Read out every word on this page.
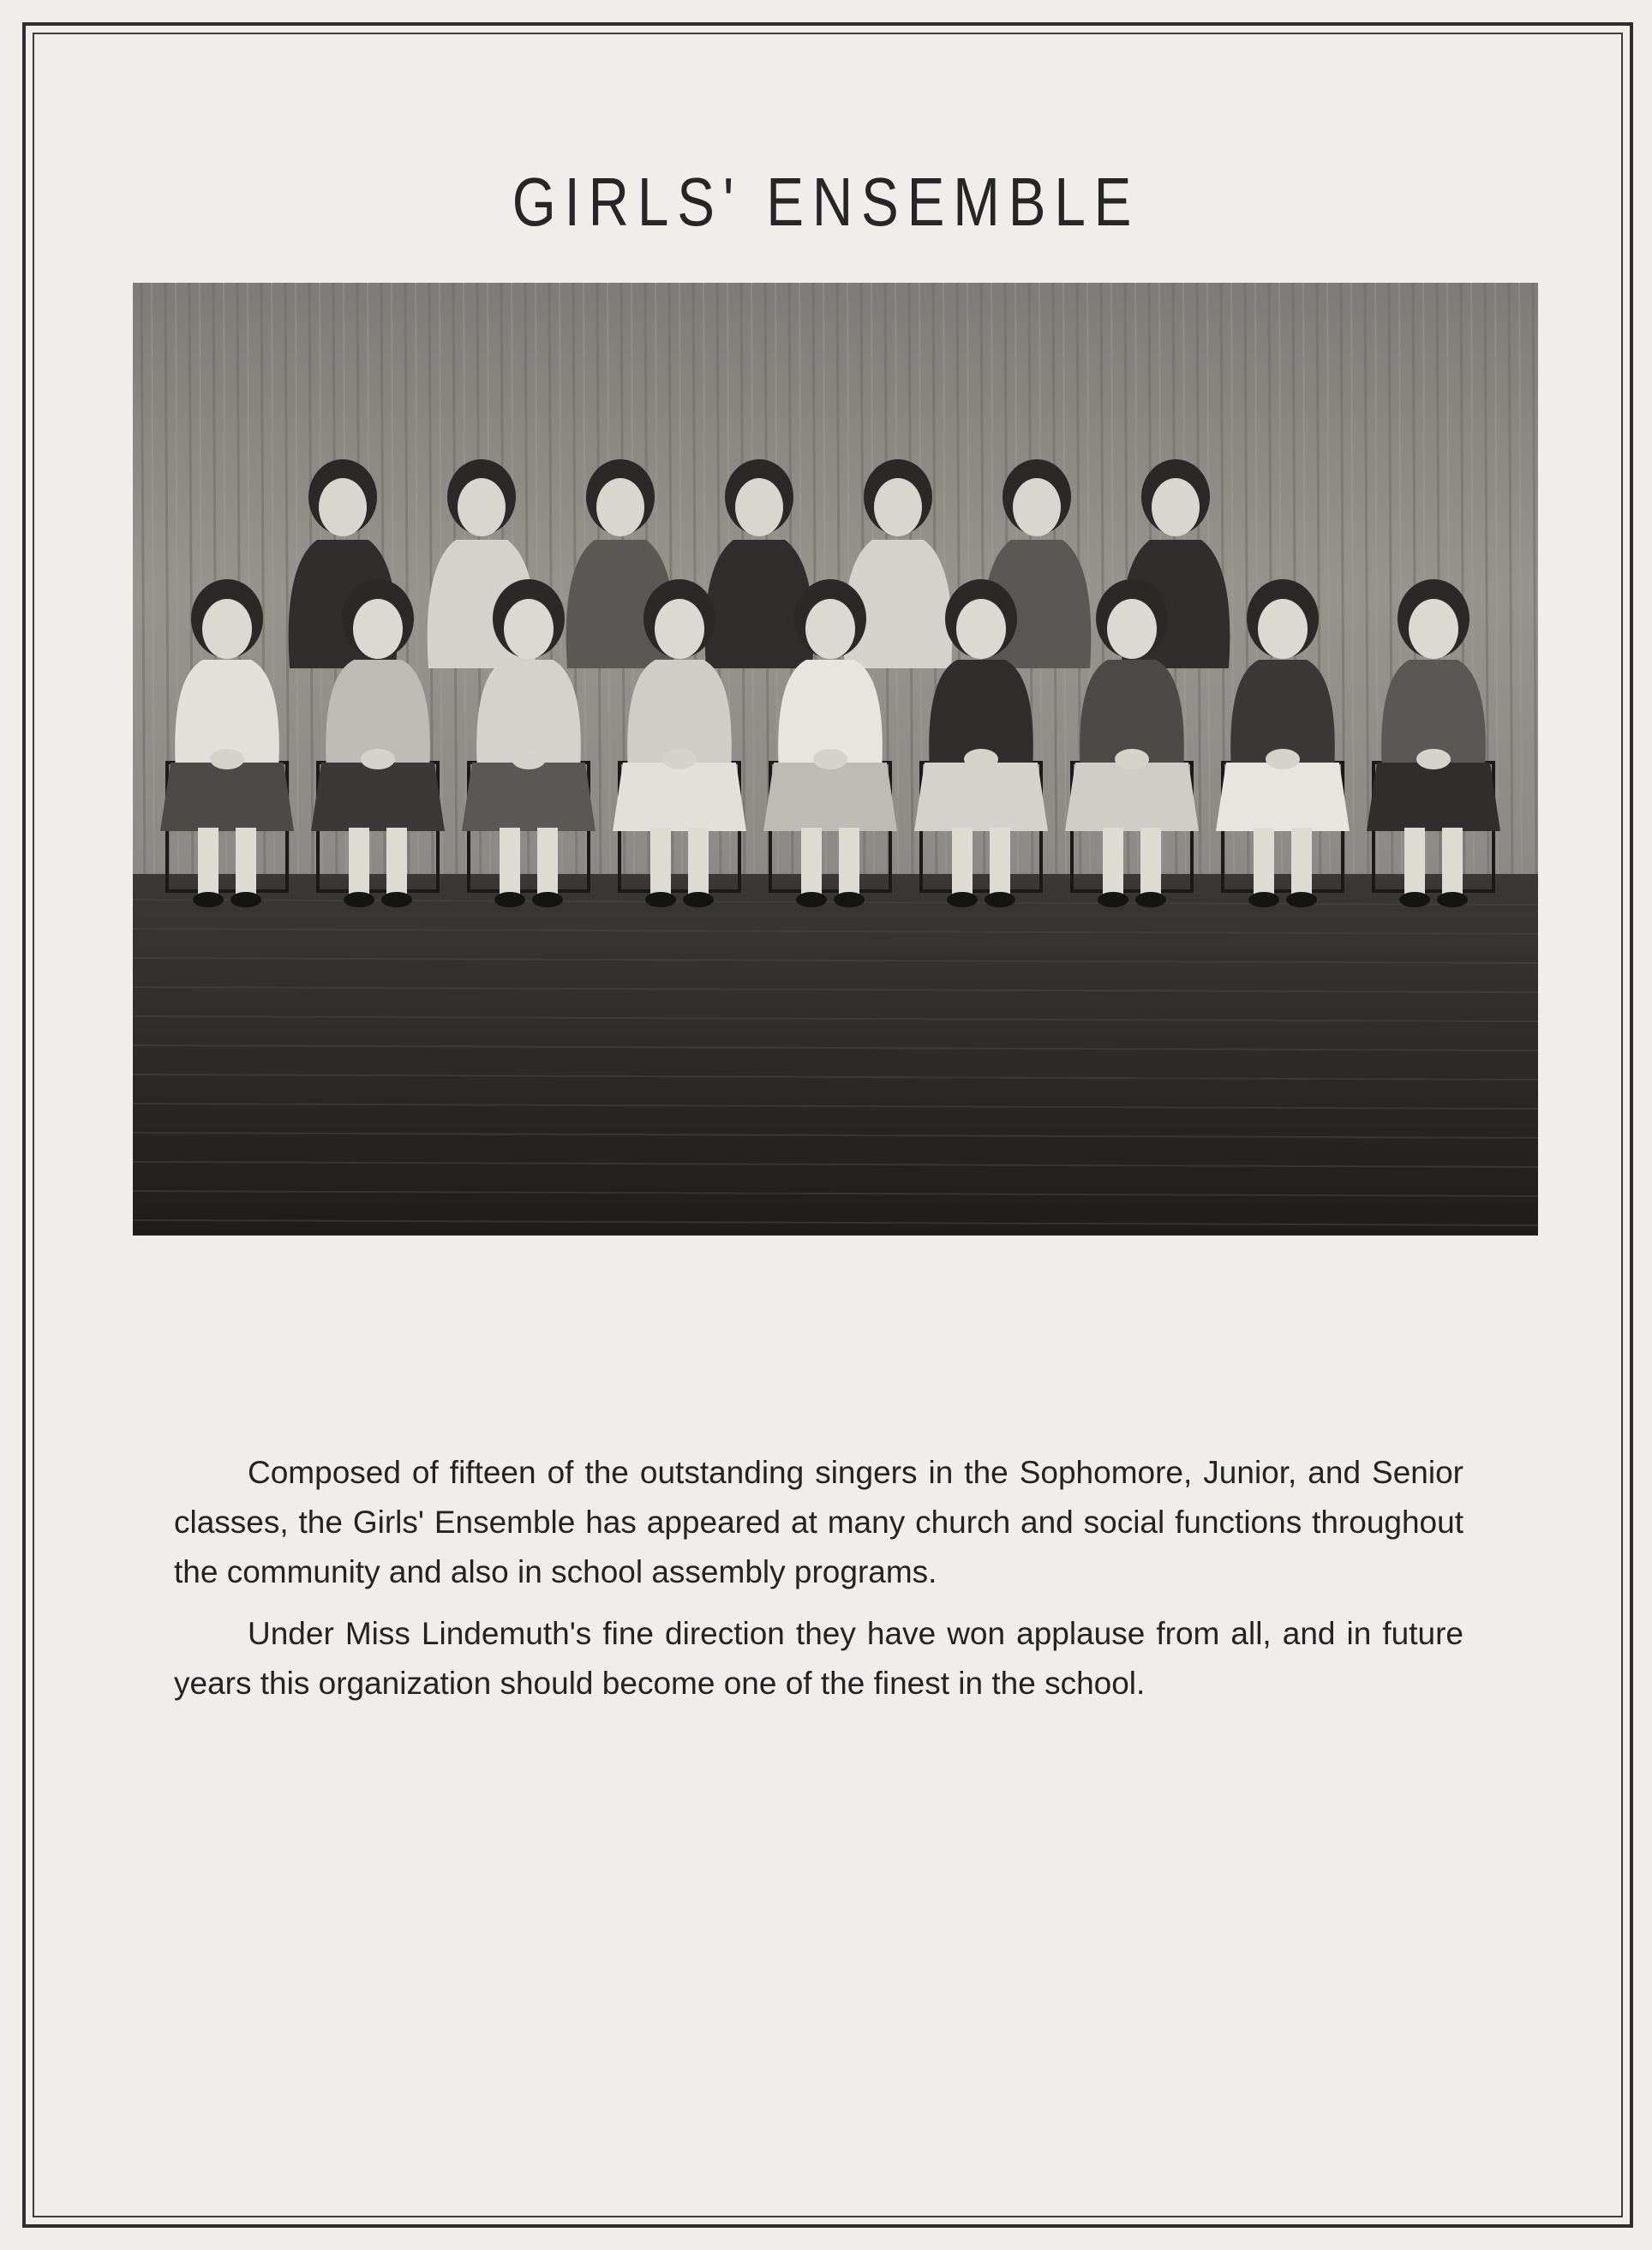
GIRLS' ENSEMBLE

Composed of fifteen of the outstanding singers in the Sophomore, Junior, and Senior classes, the Girls' Ensemble has appeared at many church and social functions throughout the community and also in school assembly programs.

Under Miss Lindemuth's fine direction they have won applause from all, and in future years this organization should become one of the finest in the school.
